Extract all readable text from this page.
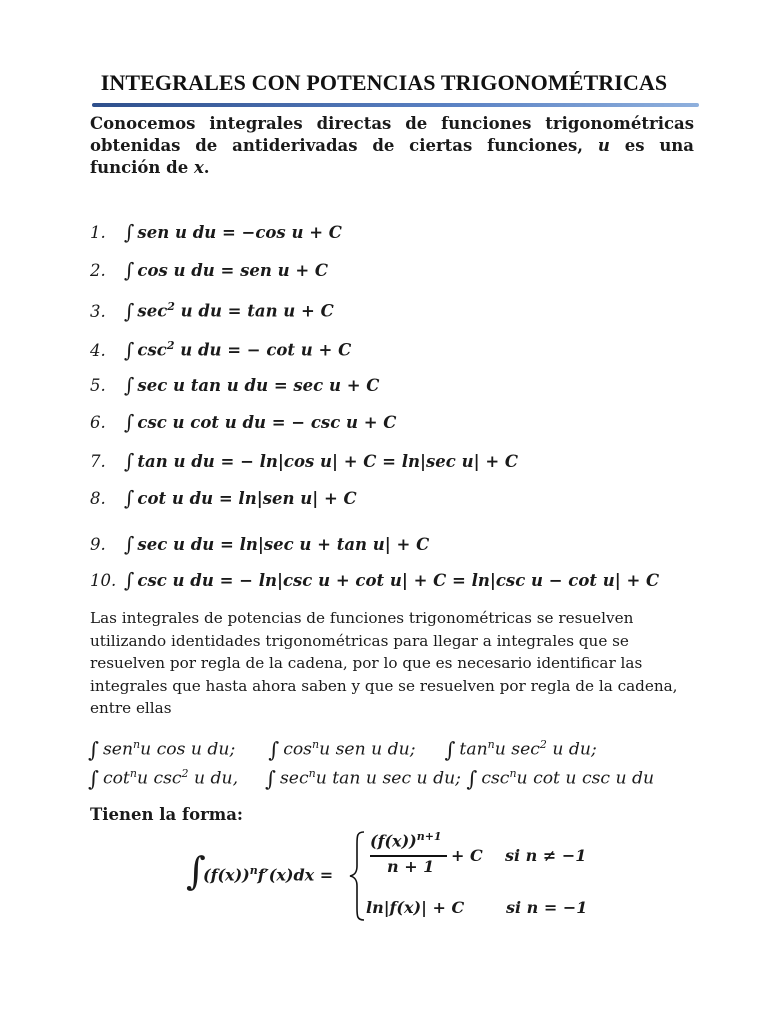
INTEGRALES CON POTENCIAS TRIGONOMÉTRICAS
Conocemos integrales directas de funciones trigonométricas obtenidas de antiderivadas de ciertas funciones, u es una función de x.
1. ∫ sen u du = −cos u + C
2. ∫ cos u du = sen u + C
3. ∫ $\sec^2 u$ du = tan u + C
4. ∫ $\csc^2 u$ du = − cot u + C
5. ∫ sec u tan u du = sec u + C
6. ∫ csc u cot u du = − csc u + C
7. ∫ tan u du = − ln|cos u| + C = ln|sec u| + C
8. ∫ cot u du = ln|sen u| + C
9. ∫ sec u du = ln|sec u + tan u| + C
10. ∫ csc u du = − ln|csc u + cot u| + C = ln|csc u − cot u| + C
Las integrales de potencias de funciones trigonométricas se resuelven utilizando identidades trigonométricas para llegar a integrales que se resuelven por regla de la cadena, por lo que es necesario identificar las integrales que hasta ahora saben y que se resuelven por regla de la cadena, entre ellas
∫ sen$^n$u cos u du; ∫ $\cos^nu$ sen u du; ∫ $\tan^nu$ $\sec^2 u$ du;
∫ $\cot^nu$ $\csc^2 u$ du, ∫ $\sec^nu$ tan u sec u du; ∫ $\csc^nu$ cot u csc u du
Tienen la forma:
∫
$(f(x))^nf'(x)dx$ =
$(f(x))^{n+1}$
n + 1
+ C si n ≠ −1
ln|f(x)| + C	si n = −1
